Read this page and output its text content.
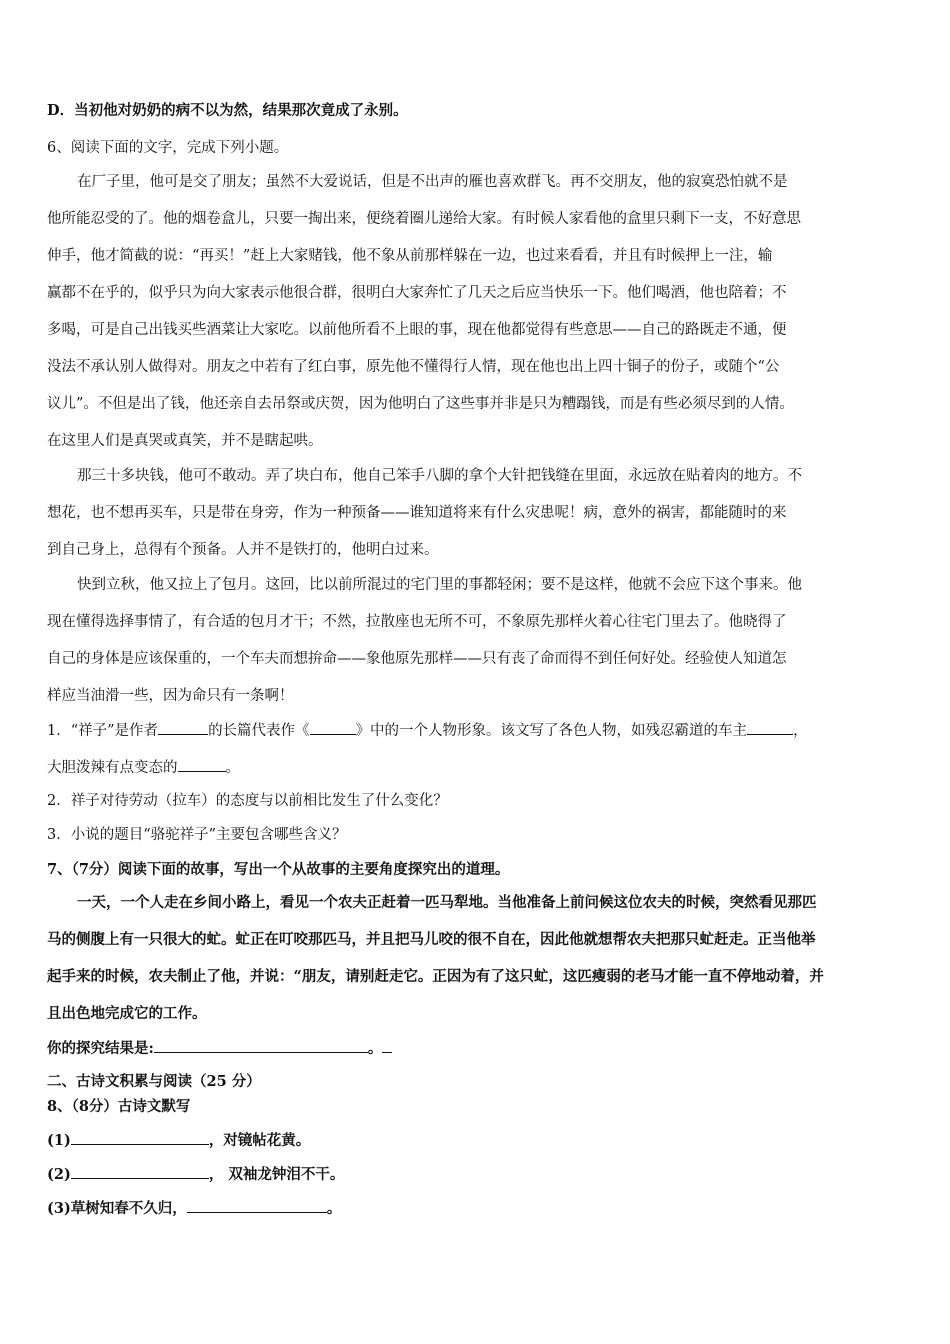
D．当初他对奶奶的病不以为然，结果那次竟成了永别。
6、阅读下面的文字，完成下列小题。
在厂子里，他可是交了朋友；虽然不大爱说话，但是不出声的雁也喜欢群飞。再不交朋友，他的寂寞恐怕就不是
他所能忍受的了。他的烟卷盒儿，只要一掏出来，便绕着圈儿递给大家。有时候人家看他的盒里只剩下一支，不好意思
伸手，他才简截的说：“再买！”赶上大家赌钱，他不象从前那样躲在一边，也过来看看，并且有时候押上一注，输
赢都不在乎的，似乎只为向大家表示他很合群，很明白大家奔忙了几天之后应当快乐一下。他们喝酒，他也陪着；不
多喝，可是自己出钱买些酒菜让大家吃。以前他所看不上眼的事，现在他都觉得有些意思——自己的路既走不通，便
没法不承认别人做得对。朋友之中若有了红白事，原先他不懂得行人情，现在他也出上四十铜子的份子，或随个“公
议儿”。不但是出了钱，他还亲自去吊祭或庆贺，因为他明白了这些事并非是只为糟蹋钱，而是有些必须尽到的人情。
在这里人们是真哭或真笑，并不是瞎起哄。
那三十多块钱，他可不敢动。弄了块白布，他自己笨手八脚的拿个大针把钱缝在里面，永远放在贴着肉的地方。不
想花，也不想再买车，只是带在身旁，作为一种预备——谁知道将来有什么灾患呢！病，意外的祸害，都能随时的来
到自己身上，总得有个预备。人并不是铁打的，他明白过来。
快到立秋，他又拉上了包月。这回，比以前所混过的宅门里的事都轻闲；要不是这样，他就不会应下这个事来。他
现在懂得选择事情了，有合适的包月才干；不然，拉散座也无所不可，不象原先那样火着心往宅门里去了。他晓得了
自己的身体是应该保重的，一个车夫而想拚命——象他原先那样——只有丧了命而得不到任何好处。经验使人知道怎
样应当油滑一些，因为命只有一条啊！
1．“祥子”是作者	的长篇代表作《	》中的一个人物形象。该文写了各色人物，如残忍霸道的车主	，
大胆泼辣有点变态的	。
2．祥子对待劳动（拉车）的态度与以前相比发生了什么变化？
3．小说的题目“骆驼祥子”主要包含哪些含义？
7、（7分）阅读下面的故事，写出一个从故事的主要角度探究出的道理。
一天，一个人走在乡间小路上，看见一个农夫正赶着一匹马犁地。当他准备上前问候这位农夫的时候，突然看见那匹
马的侧腹上有一只很大的虻。虻正在叮咬那匹马，并且把马儿咬的很不自在，因此他就想帮农夫把那只虻赶走。正当他举
起手来的时候，农夫制止了他，并说：“朋友，请别赶走它。正因为有了这只虻，这匹瘦弱的老马才能一直不停地动着，并
且出色地完成它的工作。
你的探究结果是:	。
二、古诗文积累与阅读（25 分）
8、（8分）古诗文默写
(1)	，对镜帖花黄。
(2)	， 双袖龙钟泪不干。
(3)草树知春不久归，	。
